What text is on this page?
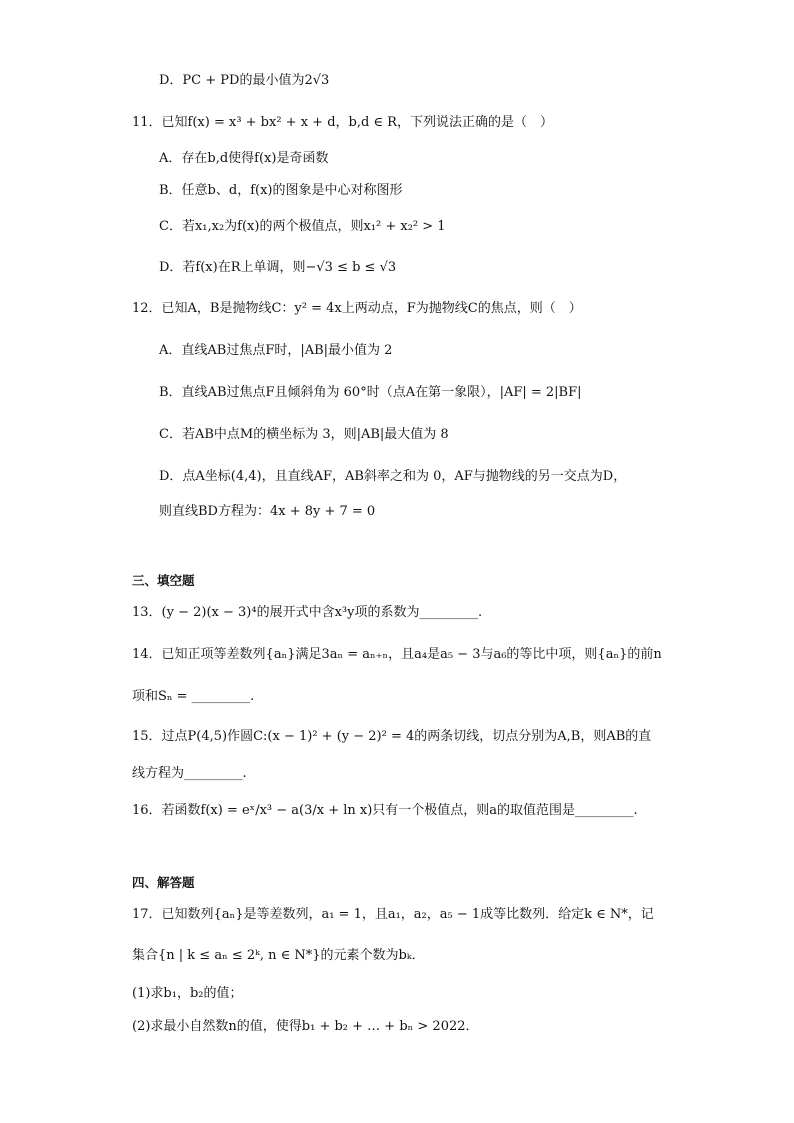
D．PC + PD的最小值为2√3
11．已知f(x) = x³ + bx² + x + d，b,d ∈ R，下列说法正确的是（　）
A．存在b,d使得f(x)是奇函数
B．任意b、d，f(x)的图象是中心对称图形
C．若x₁,x₂为f(x)的两个极值点，则x₁² + x₂² > 1
D．若f(x)在R上单调，则−√3 ≤ b ≤ √3
12．已知A，B是抛物线C：y² = 4x上两动点，F为抛物线C的焦点，则（　）
A．直线AB过焦点F时，|AB|最小值为 2
B．直线AB过焦点F且倾斜角为 60°时（点A在第一象限），|AF| = 2|BF|
C．若AB中点M的横坐标为 3，则|AB|最大值为 8
D．点A坐标(4,4)，且直线AF，AB斜率之和为 0，AF与抛物线的另一交点为D，
则直线BD方程为：4x + 8y + 7 = 0
三、填空题
13．(y − 2)(x − 3)⁴的展开式中含x³y项的系数为_________.
14．已知正项等差数列{aₙ}满足3aₙ = aₙ₊ₙ，且a₄是a₅ − 3与a₆的等比中项，则{aₙ}的前n
项和Sₙ = _________.
15．过点P(4,5)作圆C:(x − 1)² + (y − 2)² = 4的两条切线，切点分别为A,B，则AB的直
线方程为_________.
16．若函数f(x) = eˣ/x³ − a(3/x + ln x)只有一个极值点，则a的取值范围是_________.
四、解答题
17．已知数列{aₙ}是等差数列，a₁ = 1，且a₁，a₂，a₅ − 1成等比数列．给定k ∈ N*，记
集合{n | k ≤ aₙ ≤ 2ᵏ, n ∈ N*}的元素个数为bₖ．
(1)求b₁，b₂的值；
(2)求最小自然数n的值，使得b₁ + b₂ + … + bₙ > 2022．
